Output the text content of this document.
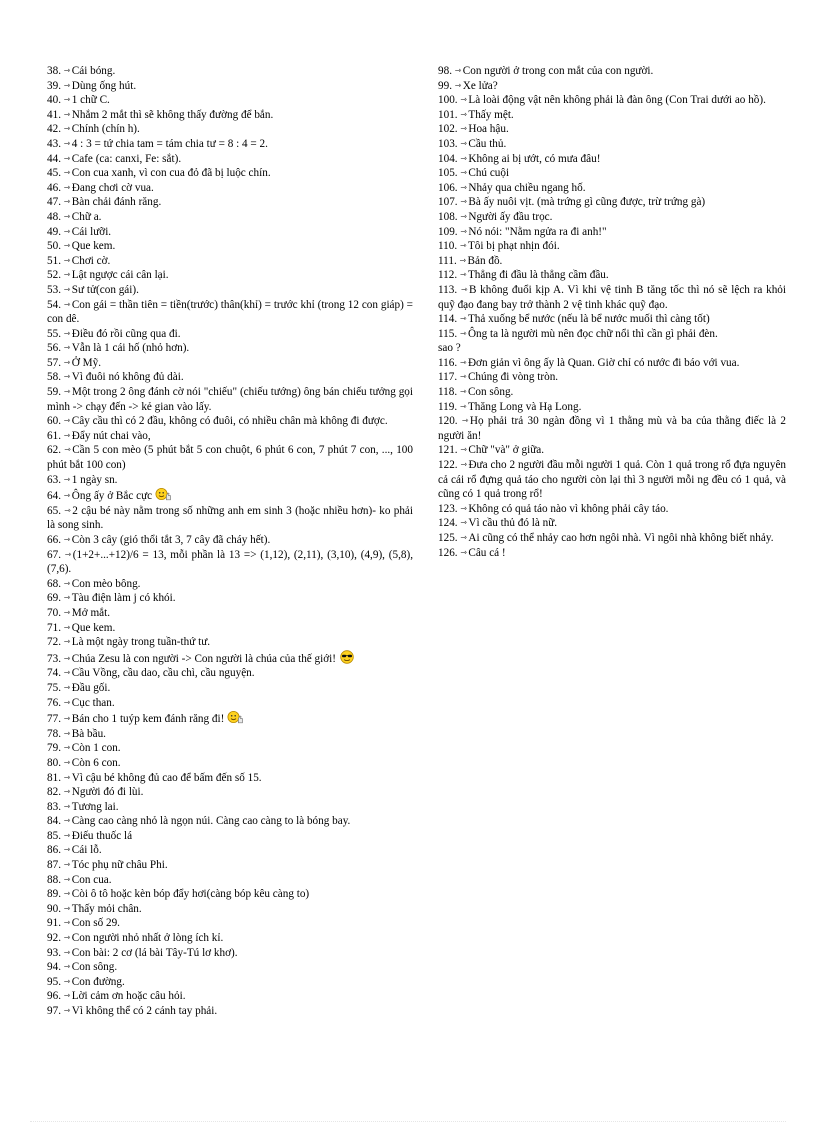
38. ⇾Cái bóng.

39. ⇾Dùng ống hút.

40. ⇾1 chữ C.

41. ⇾Nhắm 2 mắt thì sẽ không thấy đường để bắn.

42. ⇾Chính (chín h).

43. ⇾4 : 3 = tứ chia tam = tám chia tư = 8 : 4 = 2.

44. ⇾Cafe (ca: canxi, Fe: sắt).

45. ⇾Con cua xanh, vì con cua đỏ đã bị luộc chín.

46. ⇾Đang chơi cờ vua.

47. ⇾Bàn chải đánh răng.

48. ⇾Chữ a.

49. ⇾Cái lưỡi.

50. ⇾Que kem.

51. ⇾Chơi cờ.

52. ⇾Lật ngược cái cân lại.

53. ⇾Sư tử(con gái).

54. ⇾Con gái = thần tiên = tiền(trước) thân(khỉ) = trước khỉ (trong 12 con giáp) = con dê.

55. ⇾Điều đó rồi cũng qua đi.

56. ⇾Vẫn là 1 cái hố (nhỏ hơn).

57. ⇾Ở Mỹ.

58. ⇾Vì đuôi nó không đủ dài.

59. ⇾Một trong 2 ông đánh cờ nói "chiếu" (chiếu tướng) ông bán chiếu tưởng gọi mình -> chạy đến -> kẻ gian vào lấy.

60. ⇾Cây cầu thì có 2 đầu, không có đuôi, có nhiều chân mà không đi được.

61. ⇾Đẩy nút chai vào,

62. ⇾Cần 5 con mèo (5 phút bắt 5 con chuột, 6 phút 6 con, 7 phút 7 con, ..., 100 phút bắt 100 con)

63. ⇾1 ngày sn.

64. ⇾Ông ấy ở Bắc cực

65. ⇾2 cậu bé này nằm trong số những anh em sinh 3 (hoặc nhiều hơn)- ko phải là song sinh.

66. ⇾Còn 3 cây (gió thổi tắt 3, 7 cây đã cháy hết).

67. ⇾(1+2+...+12)/6 = 13, mỗi phần là 13 => (1,12), (2,11), (3,10), (4,9), (5,8), (7,6).

68. ⇾Con mèo bông.

69. ⇾Tàu điện làm j có khói.

70. ⇾Mở mắt.

71. ⇾Que kem.

72. ⇾Là một ngày trong tuần-thứ tư.

73. ⇾Chúa Zesu là con người -> Con người là chúa của thế giới!

74. ⇾Cầu Vồng, cầu dao, cầu chì, cầu nguyện.

75. ⇾Đầu gối.

76. ⇾Cục than.

77. ⇾Bán cho 1 tuýp kem đánh răng đi!

78. ⇾Bà bầu.

79. ⇾Còn 1 con.

80. ⇾Còn 6 con.

81. ⇾Vì cậu bé không đủ cao để bấm đến số 15.

82. ⇾Người đó đi lùi.

83. ⇾Tương lai.

84. ⇾Càng cao càng nhỏ là ngọn núi. Càng cao càng to là bóng bay.

85. ⇾Điếu thuốc lá

86. ⇾Cái lỗ.

87. ⇾Tóc phụ nữ châu Phi.

88. ⇾Con cua.

89. ⇾Còi ô tô hoặc kèn bóp đẩy hơi(càng bóp kêu càng to)

90. ⇾Thấy mỏi chân.

91. ⇾Con số 29.

92. ⇾Con người nhỏ nhất ở lòng ích kỉ.

93. ⇾Con bài: 2 cơ (lá bài Tây-Tú lơ khơ).

94. ⇾Con sông.

95. ⇾Con đường.

96. ⇾Lời cảm ơn hoặc câu hỏi.

97. ⇾Vì không thể có 2 cánh tay phải.

98. ⇾Con người ở trong con mắt của con người.

99. ⇾Xe lửa?

100. ⇾Là loài động vật nên không phải là đàn ông (Con Trai dưới ao hồ).

101. ⇾Thấy mệt.

102. ⇾Hoa hậu.

103. ⇾Cầu thủ.

104. ⇾Không ai bị ướt, có mưa đâu!

105. ⇾Chú cuội

106. ⇾Nhảy qua chiều ngang hố.

107. ⇾Bà ấy nuôi vịt. (mà trứng gì cũng được, trừ trứng gà)

108. ⇾Người ấy đầu trọc.

109. ⇾Nó nói: "Nằm ngửa ra đi anh!"

110. ⇾Tôi bị phạt nhịn đói.

111. ⇾Bản đồ.

112. ⇾Thẳng đi đầu là thẳng cầm đầu.

113. ⇾B không đuổi kịp A. Vì khi vệ tinh B tăng tốc thì nó sẽ lệch ra khỏi quỹ đạo đang bay trở thành 2 vệ tinh khác quỹ đạo.

114. ⇾Thả xuống bể nước (nếu là bể nước muối thì càng tốt)

115. ⇾Ông ta là người mù nên đọc chữ nổi thì cần gì phải đèn.

sao ?

116. ⇾Đơn giản vì ông ấy là Quan. Giờ chỉ có nước đi báo với vua.

117. ⇾Chúng đi vòng tròn.

118. ⇾Con sông.

119. ⇾Thăng Long và Hạ Long.

120. ⇾Họ phải trả 30 ngàn đồng vì 1 thằng mù và ba của thằng điếc là 2 người ăn!

121. ⇾Chữ "và" ở giữa.

122. ⇾Đưa cho 2 người đầu mỗi người 1 quả. Còn 1 quả trong rổ đựa nguyên cả cái rổ đựng quả táo cho người còn lại thì 3 người mỗi ng đều có 1 quả, và cũng có 1 quả trong rổ!

123. ⇾Không có quả táo nào vì không phải cây táo.

124. ⇾Vì cầu thủ đó là nữ.

125. ⇾Ai cũng có thể nhảy cao hơn ngôi nhà. Vì ngôi nhà không biết nhảy.

126. ⇾Câu cá !
